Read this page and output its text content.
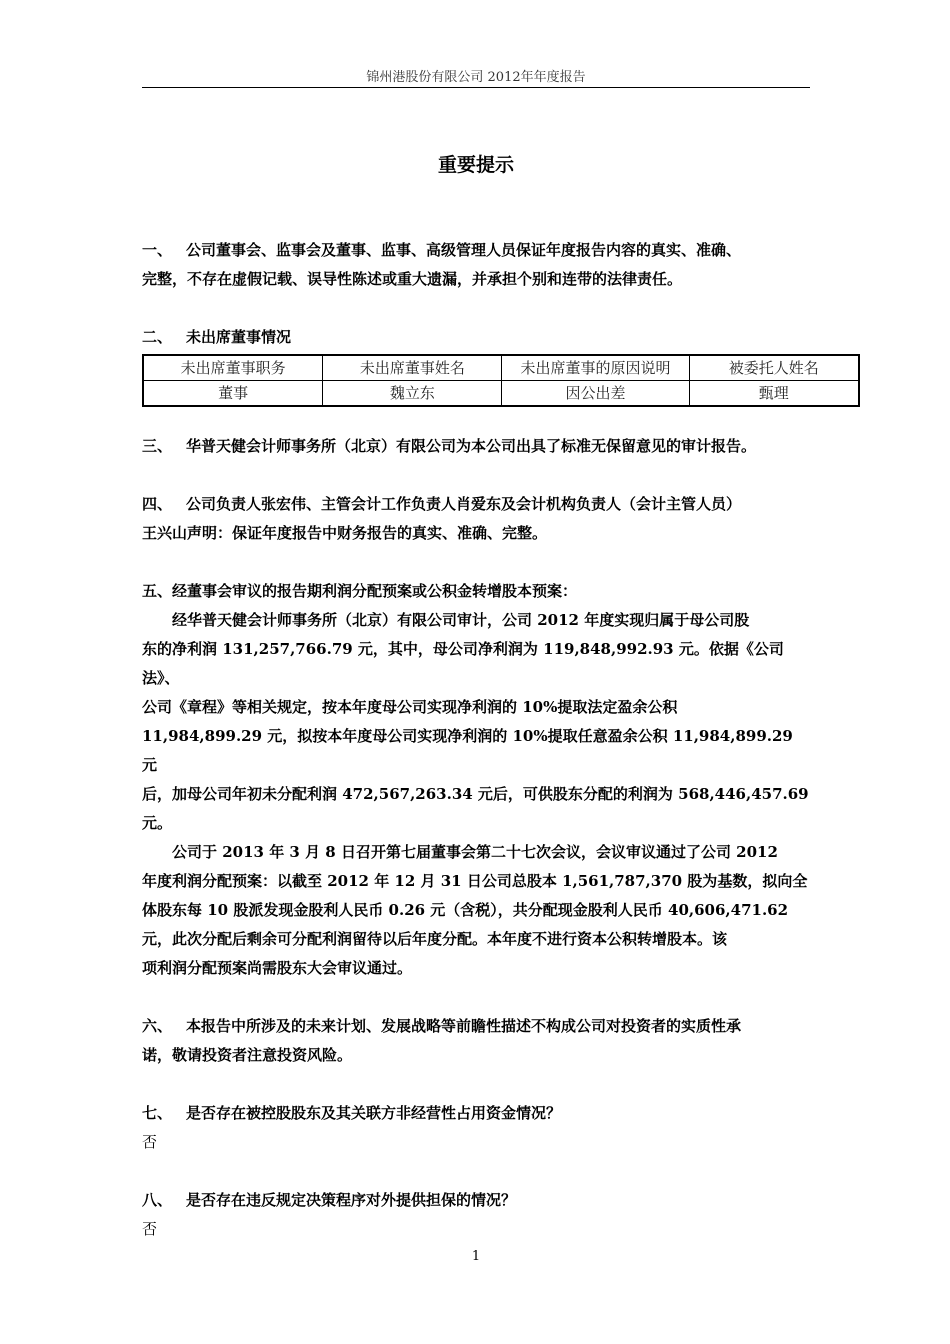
锦州港股份有限公司 2012年年度报告
重要提示

一、 公司董事会、监事会及董事、监事、高级管理人员保证年度报告内容的真实、准确、

完整，不存在虚假记载、误导性陈述或重大遗漏，并承担个别和连带的法律责任。

二、 未出席董事情况

未出席董事职务	未出席董事姓名	未出席董事的原因说明	被委托人姓名
董事	魏立东	因公出差	甄理

三、 华普天健会计师事务所（北京）有限公司为本公司出具了标准无保留意见的审计报告。

四、 公司负责人张宏伟、主管会计工作负责人肖爱东及会计机构负责人（会计主管人员）

王兴山声明：保证年度报告中财务报告的真实、准确、完整。

五、经董事会审议的报告期利润分配预案或公积金转增股本预案：

经华普天健会计师事务所（北京）有限公司审计，公司 2012 年度实现归属于母公司股

东的净利润 131,257,766.79 元，其中，母公司净利润为 119,848,992.93 元。依据《公司法》、

公司《章程》等相关规定，按本年度母公司实现净利润的 10%提取法定盈余公积

11,984,899.29 元，拟按本年度母公司实现净利润的 10%提取任意盈余公积 11,984,899.29 元

后，加母公司年初未分配利润 472,567,263.34 元后，可供股东分配的利润为 568,446,457.69

元。

公司于 2013 年 3 月 8 日召开第七届董事会第二十七次会议，会议审议通过了公司 2012

年度利润分配预案：以截至 2012 年 12 月 31 日公司总股本 1,561,787,370 股为基数，拟向全

体股东每 10 股派发现金股利人民币 0.26 元（含税），共分配现金股利人民币 40,606,471.62

元，此次分配后剩余可分配利润留待以后年度分配。本年度不进行资本公积转增股本。该

项利润分配预案尚需股东大会审议通过。

六、 本报告中所涉及的未来计划、发展战略等前瞻性描述不构成公司对投资者的实质性承

诺，敬请投资者注意投资风险。

七、 是否存在被控股股东及其关联方非经营性占用资金情况？

否

八、 是否存在违反规定决策程序对外提供担保的情况？

否

1
